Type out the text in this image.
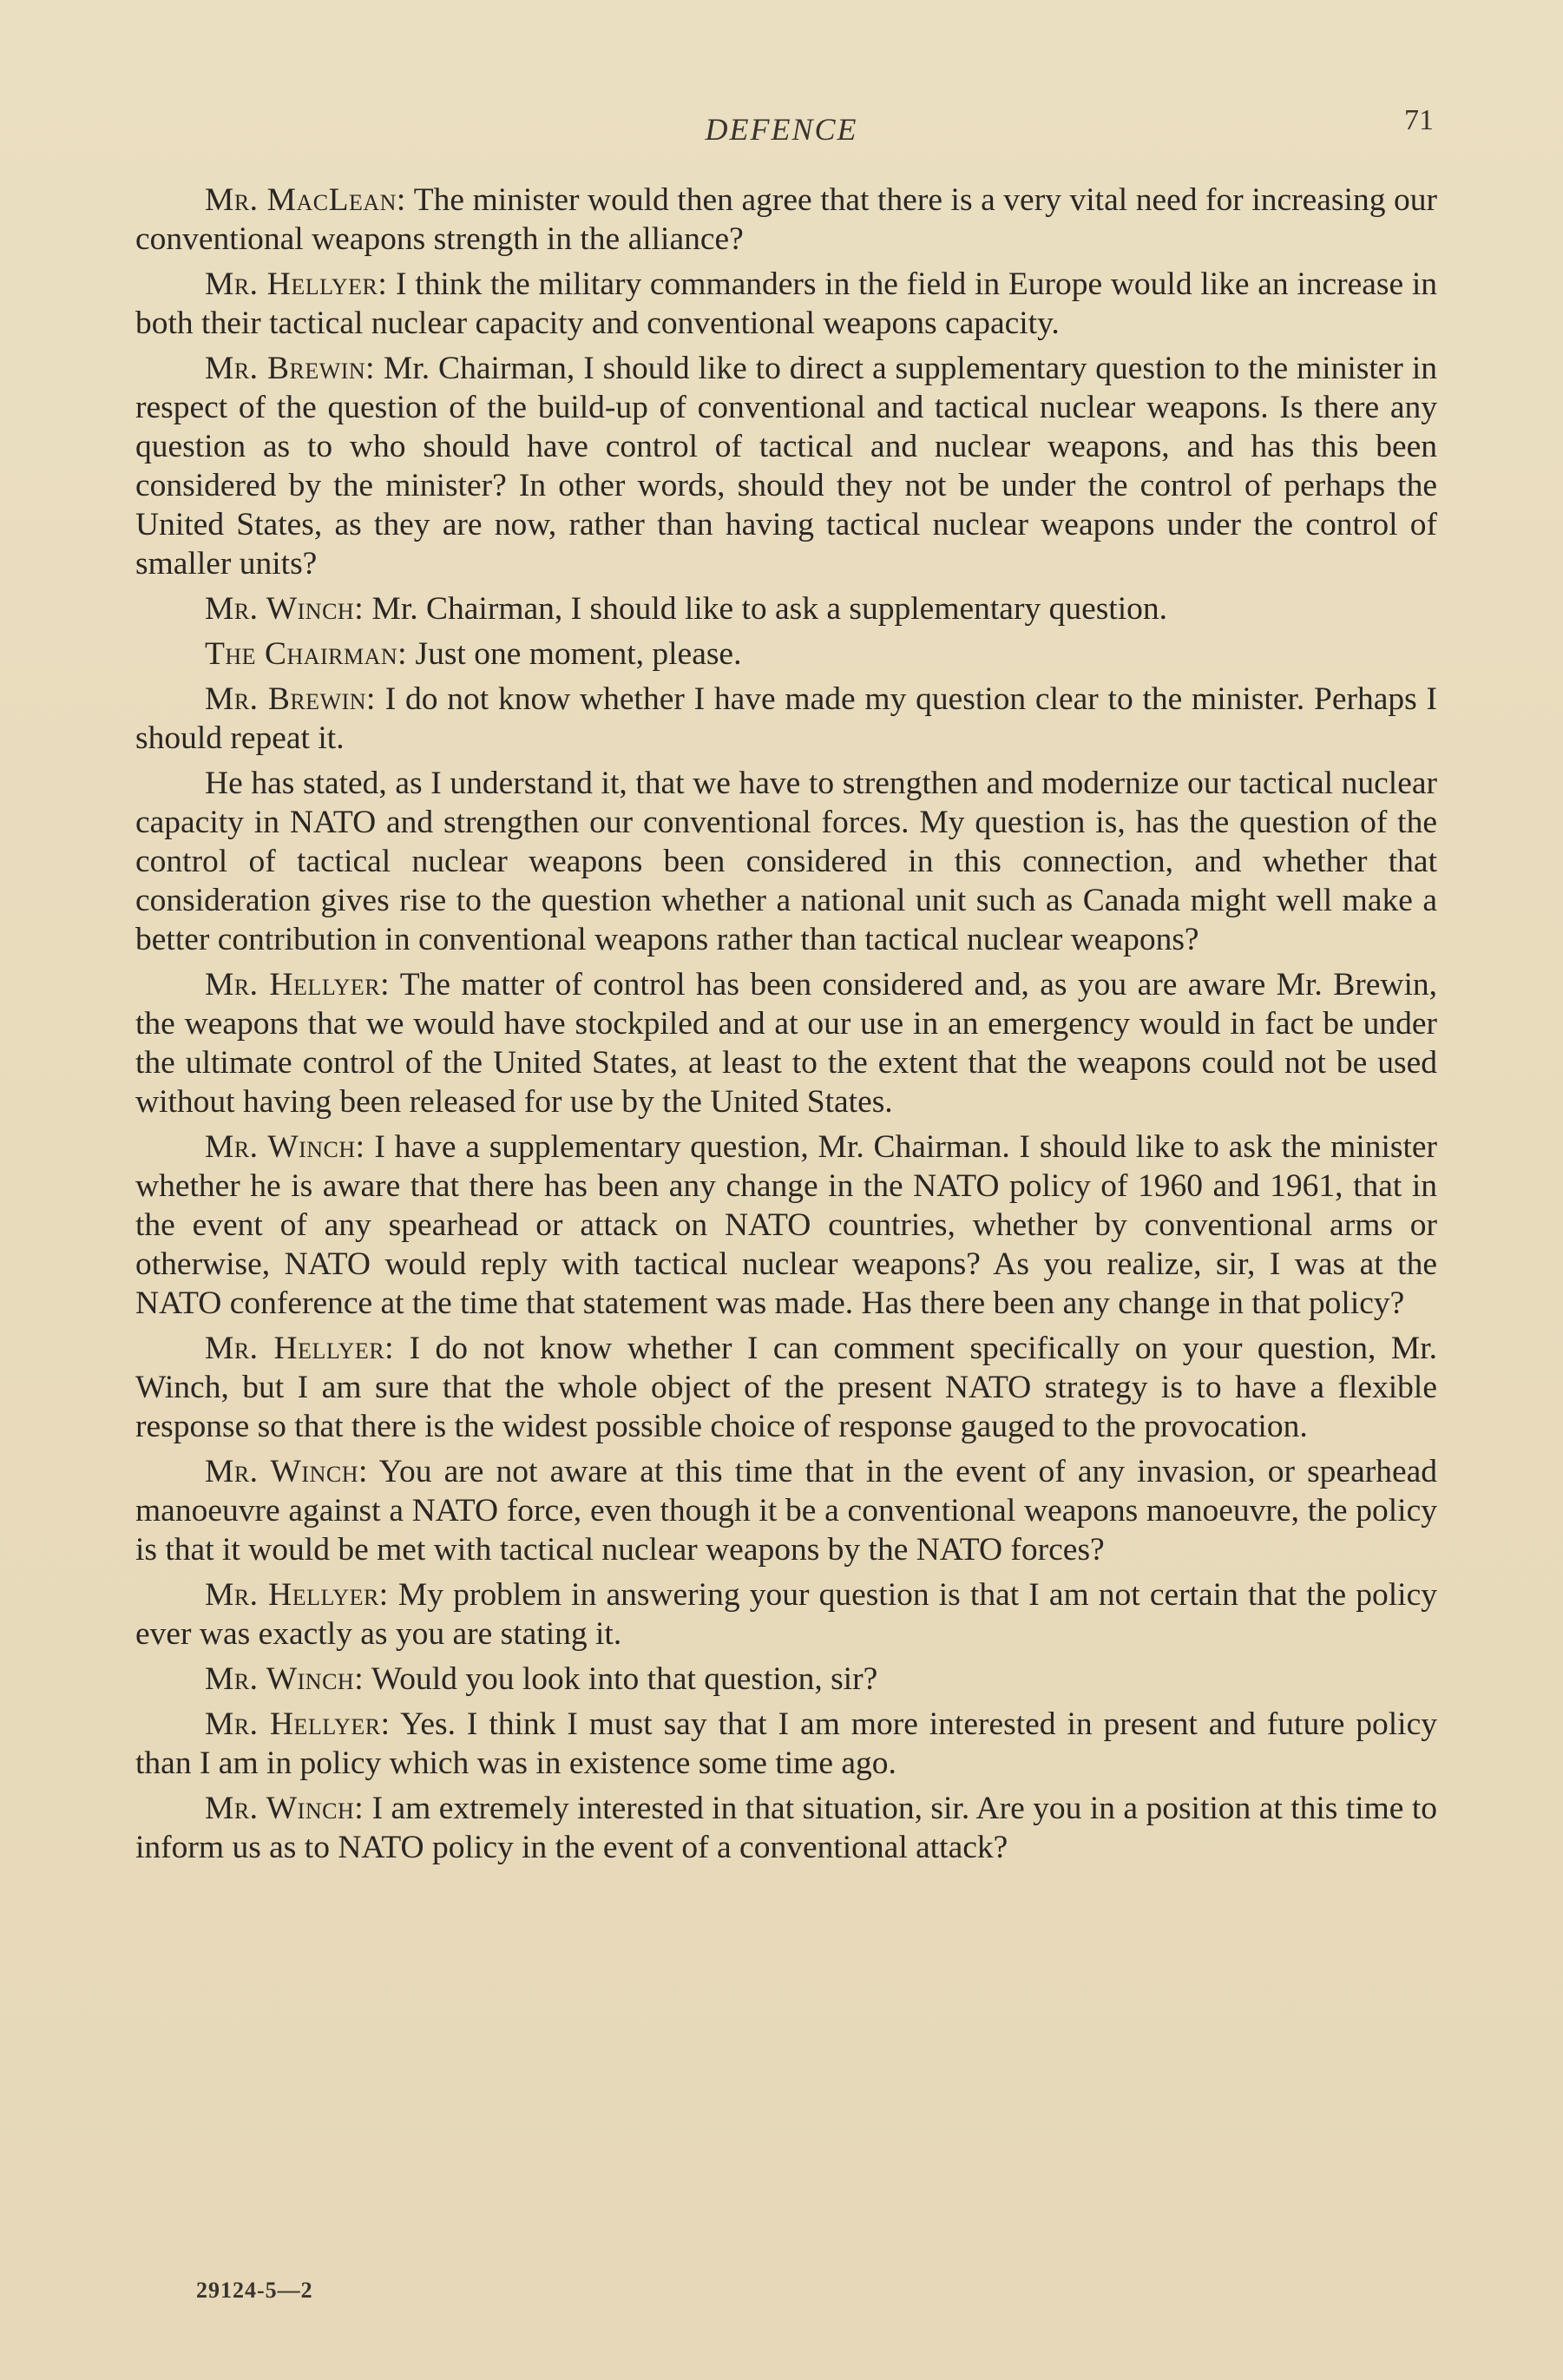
DEFENCE	71

Mr. MacLean: The minister would then agree that there is a very vital need for increasing our conventional weapons strength in the alliance?

Mr. Hellyer: I think the military commanders in the field in Europe would like an increase in both their tactical nuclear capacity and conventional weapons capacity.

Mr. Brewin: Mr. Chairman, I should like to direct a supplementary question to the minister in respect of the question of the build-up of conventional and tactical nuclear weapons. Is there any question as to who should have control of tactical and nuclear weapons, and has this been considered by the minister? In other words, should they not be under the control of perhaps the United States, as they are now, rather than having tactical nuclear weapons under the control of smaller units?

Mr. Winch: Mr. Chairman, I should like to ask a supplementary question.

The Chairman: Just one moment, please.

Mr. Brewin: I do not know whether I have made my question clear to the minister. Perhaps I should repeat it.

He has stated, as I understand it, that we have to strengthen and modernize our tactical nuclear capacity in NATO and strengthen our conventional forces. My question is, has the question of the control of tactical nuclear weapons been considered in this connection, and whether that consideration gives rise to the question whether a national unit such as Canada might well make a better contribution in conventional weapons rather than tactical nuclear weapons?

Mr. Hellyer: The matter of control has been considered and, as you are aware Mr. Brewin, the weapons that we would have stockpiled and at our use in an emergency would in fact be under the ultimate control of the United States, at least to the extent that the weapons could not be used without having been released for use by the United States.

Mr. Winch: I have a supplementary question, Mr. Chairman. I should like to ask the minister whether he is aware that there has been any change in the NATO policy of 1960 and 1961, that in the event of any spearhead or attack on NATO countries, whether by conventional arms or otherwise, NATO would reply with tactical nuclear weapons? As you realize, sir, I was at the NATO conference at the time that statement was made. Has there been any change in that policy?

Mr. Hellyer: I do not know whether I can comment specifically on your question, Mr. Winch, but I am sure that the whole object of the present NATO strategy is to have a flexible response so that there is the widest possible choice of response gauged to the provocation.

Mr. Winch: You are not aware at this time that in the event of any invasion, or spearhead manoeuvre against a NATO force, even though it be a conventional weapons manoeuvre, the policy is that it would be met with tactical nuclear weapons by the NATO forces?

Mr. Hellyer: My problem in answering your question is that I am not certain that the policy ever was exactly as you are stating it.

Mr. Winch: Would you look into that question, sir?

Mr. Hellyer: Yes. I think I must say that I am more interested in present and future policy than I am in policy which was in existence some time ago.

Mr. Winch: I am extremely interested in that situation, sir. Are you in a position at this time to inform us as to NATO policy in the event of a conventional attack?

29124-5—2
